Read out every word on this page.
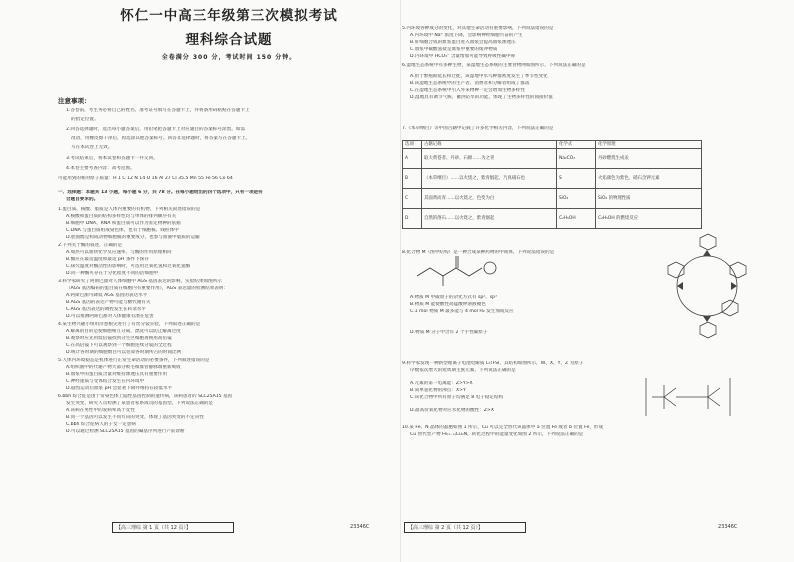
怀仁一中高三年级第三次模拟考试
理科综合试题
全卷满分 300 分，考试时间 150 分钟。
注意事项：
1.答卷前，考生务必将自己的姓名、准考证号填写在答题卡上，并将条形码粘贴在答题卡上
的指定位置。
2.回答选择题时，选出每小题答案后，用铅笔把答题卡上对应题目的答案标号涂黑。如需
改动，用橡皮擦干净后，再选涂其他答案标号。回答非选择题时，将答案写在答题卡上。
写在本试卷上无效。
3.考试结束后，将本试卷和答题卡一并交回。
4.本卷主要考查内容：高考范围。
可能用到的相对原子质量：H 1 C 12 N 14 O 16 Al 27 Cl 35.5 Mn 55 Fe 56 Co 64
一、选择题：本题共 13 小题，每小题 6 分，共 78 分。在每小题给出的四个选项中，只有一项是符
合题目要求的。
1.蛋白质、核酸、脂质是人体内重要的有机物，下列相关叙述错误的是
A.核酸和蛋白质的结构多样性均与单体的排列顺序有关
B.细胞中 DNA、RNA 和蛋白质可以作为鉴定物种的依据
C.DNA 与蛋白质组成染色体，也有于细胞核、线粒体中
D.胆固醇是构成动物细胞膜的重要成分，也参与血液中脂质的运输
2.下列关于酶的叙述，正确的是
A.加热可以加快化学反应速率，与酶的作用原理相同
B.酶应在最适温度和最适 pH 条件下保存
C.探究温度对酶活性的影响时，可选用过氧化氢和过氧化氢酶
D.同一种酶可存在于分化程度不同的活细胞中
3.科学家研究了阿斯巴甜对人体细胞中 AGS 基因表达的影响，实验结果如图所示
（AGS 基因编码的蛋白质在细胞内有重要作用），AGS 表达量的检测结果表明：
A.阿斯巴甜可降低 AGS 基因的表达水平
B.AGS 基因的表达产物可能与糖代谢有关
C.AGS 基因表达的调控发生在转录水平
D.可以推测阿斯巴甜对人体健康有潜在危害
4.某生物兴趣小组用洋葱根尖进行了有丝分裂实验，下列叙述正确的是
A.解离的目的是使细胞相互分离，漂洗可以防止解离过度
B.观察时应先用低倍镜找到分生区细胞再换用高倍镜
C.在高倍镜下可以观察到一个细胞连续分裂的全过程
D.统计各时期的细胞数目可以估算各时期所占的时间比例
5.人体内环境稳态是机体进行正常生命活动的必要条件，下列叙述错误的是
A.组织液中的代谢产物大部分被毛细血管静脉端重新吸收
B.血浆中的蛋白质含量对维持渗透压具有重要作用
C.神经递质与受体结合发生在内环境中
D.剧烈运动后血浆 pH 会显著下降并维持在较低水平
6.bbh 综合征是由于常染色体上隐性基因控制的遗传病，该病患者的 SLC25A15 基因
发生突变，研究人员检测了某患者家系成员的基因型，下列说法正确的是
A.该病在男性中的发病率高于女性
B.同一个基因可以发生不同方向的突变，体现了基因突变的不定向性
C.bbh 综合征病人的子女一定患病
D.可以通过检测 SLC25A15 基因的碱基序列进行产前诊断
【高三理综 第 1 页（共 12 页）】	23346C
5.内环境各种成分的变化，对其他生命活动有重要影响，下列说法错误的是
A.内环境中 Na⁺ 浓度下降，会影响神经细胞兴奋的产生
B.肝细胞合成的血浆蛋白进入血浆会提高血浆渗透压
C.血浆中碳酸氢盐是血浆中重要的缓冲物质
D.内环境中 HCO₃⁻ 含量增加可能导致呼吸性碱中毒
6.湿地生态系统中有多种生物，某湿地生态系统的主要食物网如图所示，下列说法正确的是
A.由于繁殖期延长和迁徙，该湿地中水鸟种群密度发生了季节性变化
B.该湿地生态系统中的生产者、消费者和分解者组成了群落
C.在湿地生态系统中引入外来物种一定会增加生物多样性
D.湿地具有调节气候、蓄洪防旱的功能，体现了生物多样性的间接价值
7.《本草纲目》等中国古籍中记载了许多化学相关内容，下列说法正确的是
选项	古籍记载	化学式	化学原理
A	取大黄苍者、丹砂、石棉……为之青	Na₂CO₃	丹砂燃烧生成汞
B	（本草纲目）……以火烧之，紫青烟起，乃真硝石也	S	火焰颜色为紫色，硝石含钾元素
C	其面黄而青……以火烧之，色变为白	SiO₂	SiO₂ 的物理性质
D	自然的溶石……以火烧之，紫青烟起	C₂H₅OH	C₂H₅OH 的燃烧反应
8.化合物 M（图中结构）是一种合成某种药物的中间体，下列说法错误的是
A.物质 M 中碳原子的杂化方式有 sp²、sp³
B.物质 M 能使酸性高锰酸钾溶液褪色
C.1 mol 物质 M 最多能与 4 mol H₂ 发生加成反应
D.物质 M 分子中含有 2 个手性碳原子
9.科学家发现一种新型锂离子电池电解质 LiTFSI，其结构如图所示，W、X、Y、Z 为原子
序数依次增大的短周期主族元素，下列说法正确的是
A.元素的第一电离能：Z>Y>X
B.简单氢化物的沸点：X>Y
C.该化合物中所有原子均满足 8 电子稳定结构
D.最高价氧化物对应水化物的酸性：Z>X
10.某 Fe、N 晶体的晶胞如图 1 所示，Cu 可以完全替代该晶体中 a 位置 Fe 或者 b 位置 Fe，形成
Cu 替代型产物 Fe₍ₓ₋ₙ₎CuₙN，转化过程中的能量变化如图 2 所示，下列说法正确的是
【高三理综 第 2 页（共 12 页）】	23346C
